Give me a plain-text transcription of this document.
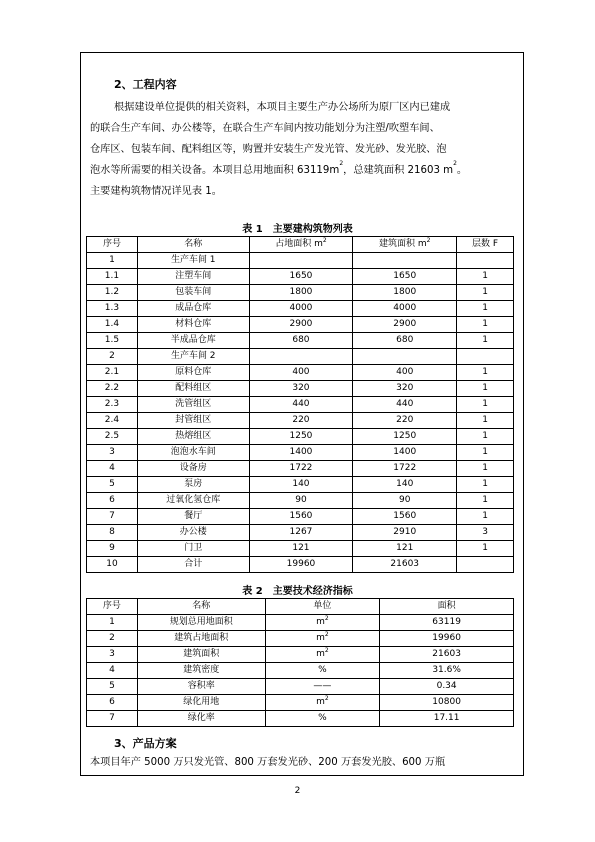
2、工程内容

根据建设单位提供的相关资料，本项目主要生产办公场所为原厂区内已建成

的联合生产车间、办公楼等，在联合生产车间内按功能划分为注塑/吹塑车间、

仓库区、包装车间、配料组区等，购置并安装生产发光管、发光砂、发光胶、泡

泡水等所需要的相关设备。本项目总用地面积 $63119m^2$，总建筑面积 21603 $m^2$。

主要建构筑物情况详见表 1。

表 1　主要建构筑物列表
序号	名称	占地面积 $m^2$	建筑面积 $m^2$	层数 F
1	生产车间 1			
1.1	注塑车间	1650	1650	1
1.2	包装车间	1800	1800	1
1.3	成品仓库	4000	4000	1
1.4	材料仓库	2900	2900	1
1.5	半成品仓库	680	680	1
2	生产车间 2			
2.1	原料仓库	400	400	1
2.2	配料组区	320	320	1
2.3	洗管组区	440	440	1
2.4	封管组区	220	220	1
2.5	热熔组区	1250	1250	1
3	泡泡水车间	1400	1400	1
4	设备房	1722	1722	1
5	泵房	140	140	1
6	过氧化氢仓库	90	90	1
7	餐厅	1560	1560	1
8	办公楼	1267	2910	3
9	门卫	121	121	1
10	合计	19960	21603	
表 2　主要技术经济指标
序号	名称	单位	面积
1	规划总用地面积	$m^2$	63119
2	建筑占地面积	$m^2$	19960
3	建筑面积	$m^2$	21603
4	建筑密度	%	31.6%
5	容积率	——	0.34
6	绿化用地	$m^2$	10800
7	绿化率	%	17.11
3、产品方案

本项目年产 5000 万只发光管、800 万套发光砂、200 万套发光胶、600 万瓶

2
